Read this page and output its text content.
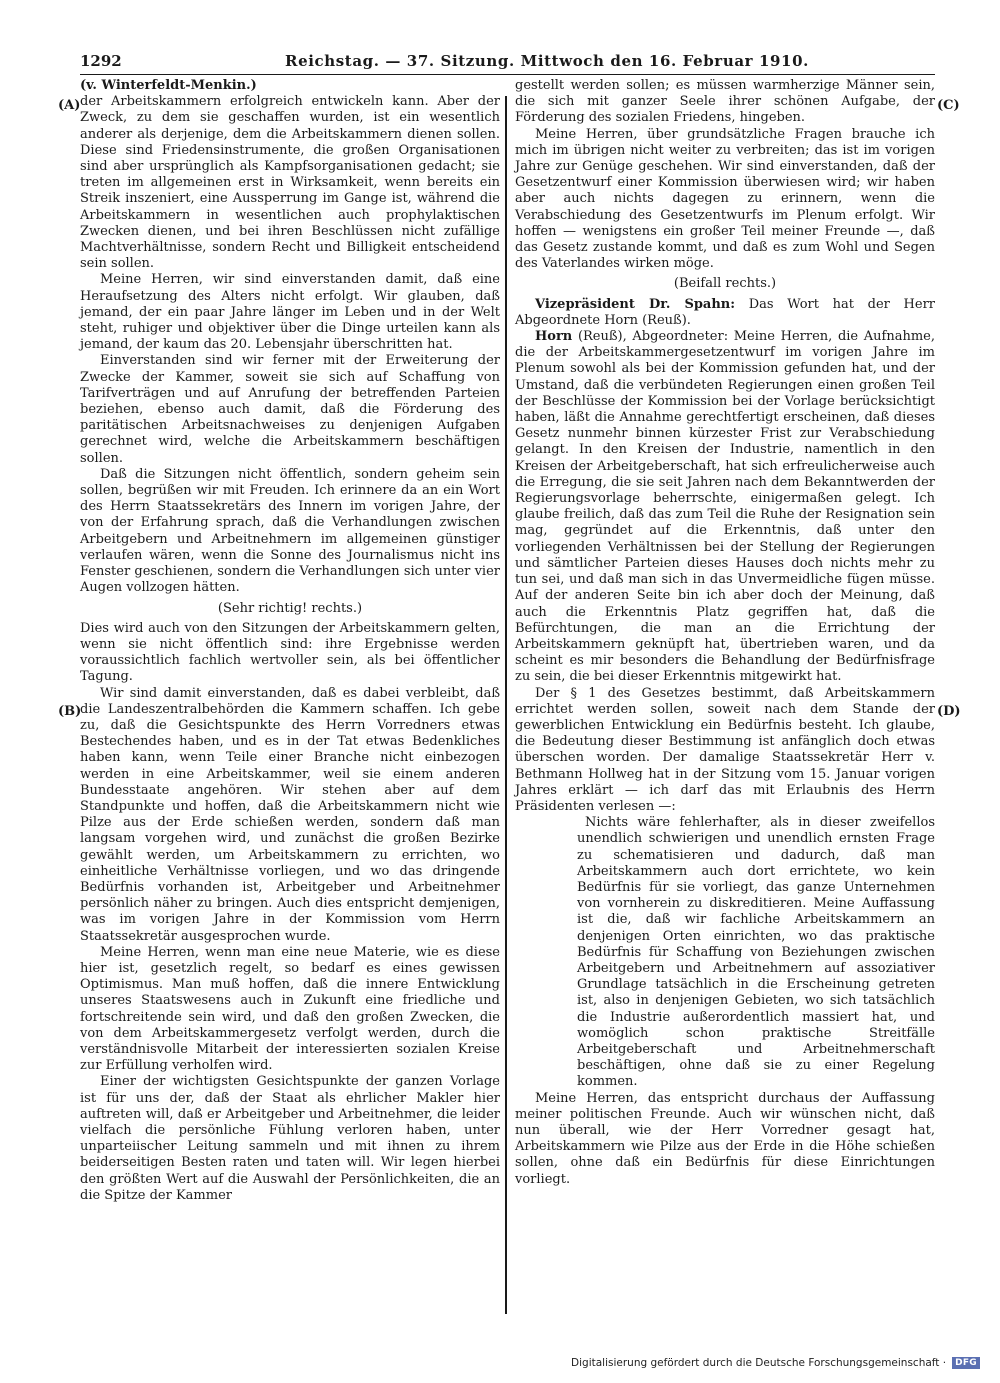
1292	Reichstag. — 37. Sitzung. Mittwoch den 16. Februar 1910.
(A)
(B)
(C)
(D)

(v. Winterfeldt-Menkin.)

der Arbeitskammern erfolgreich entwickeln kann. Aber der Zweck, zu dem sie geschaffen wurden, ist ein wesentlich anderer als derjenige, dem die Arbeitskammern dienen sollen. Diese sind Friedensinstrumente, die großen Organisationen sind aber ursprünglich als Kampfsorganisationen gedacht; sie treten im allgemeinen erst in Wirksamkeit, wenn bereits ein Streik inszeniert, eine Aussperrung im Gange ist, während die Arbeitskammern in wesentlichen auch prophylaktischen Zwecken dienen, und bei ihren Beschlüssen nicht zufällige Machtverhältnisse, sondern Recht und Billigkeit entscheidend sein sollen.

Meine Herren, wir sind einverstanden damit, daß eine Heraufsetzung des Alters nicht erfolgt. Wir glauben, daß jemand, der ein paar Jahre länger im Leben und in der Welt steht, ruhiger und objektiver über die Dinge urteilen kann als jemand, der kaum das 20. Lebensjahr überschritten hat.

Einverstanden sind wir ferner mit der Erweiterung der Zwecke der Kammer, soweit sie sich auf Schaffung von Tarifverträgen und auf Anrufung der betreffenden Parteien beziehen, ebenso auch damit, daß die Förderung des paritätischen Arbeitsnachweises zu denjenigen Aufgaben gerechnet wird, welche die Arbeitskammern beschäftigen sollen.

Daß die Sitzungen nicht öffentlich, sondern geheim sein sollen, begrüßen wir mit Freuden. Ich erinnere da an ein Wort des Herrn Staatssekretärs des Innern im vorigen Jahre, der von der Erfahrung sprach, daß die Verhandlungen zwischen Arbeitgebern und Arbeitnehmern im allgemeinen günstiger verlaufen wären, wenn die Sonne des Journalismus nicht ins Fenster geschienen, sondern die Verhandlungen sich unter vier Augen vollzogen hätten.

(Sehr richtig! rechts.)

Dies wird auch von den Sitzungen der Arbeitskammern gelten, wenn sie nicht öffentlich sind: ihre Ergebnisse werden voraussichtlich fachlich wertvoller sein, als bei öffentlicher Tagung.

Wir sind damit einverstanden, daß es dabei verbleibt, daß die Landeszentralbehörden die Kammern schaffen. Ich gebe zu, daß die Gesichtspunkte des Herrn Vorredners etwas Bestechendes haben, und es in der Tat etwas Bedenkliches haben kann, wenn Teile einer Branche nicht einbezogen werden in eine Arbeitskammer, weil sie einem anderen Bundesstaate angehören. Wir stehen aber auf dem Standpunkte und hoffen, daß die Arbeitskammern nicht wie Pilze aus der Erde schießen werden, sondern daß man langsam vorgehen wird, und zunächst die großen Bezirke gewählt werden, um Arbeitskammern zu errichten, wo einheitliche Verhältnisse vorliegen, und wo das dringende Bedürfnis vorhanden ist, Arbeitgeber und Arbeitnehmer persönlich näher zu bringen. Auch dies entspricht demjenigen, was im vorigen Jahre in der Kommission vom Herrn Staatssekretär ausgesprochen wurde.

Meine Herren, wenn man eine neue Materie, wie es diese hier ist, gesetzlich regelt, so bedarf es eines gewissen Optimismus. Man muß hoffen, daß die innere Entwicklung unseres Staatswesens auch in Zukunft eine friedliche und fortschreitende sein wird, und daß den großen Zwecken, die von dem Arbeitskammergesetz verfolgt werden, durch die verständnisvolle Mitarbeit der interessierten sozialen Kreise zur Erfüllung verholfen wird.

Einer der wichtigsten Gesichtspunkte der ganzen Vorlage ist für uns der, daß der Staat als ehrlicher Makler hier auftreten will, daß er Arbeitgeber und Arbeitnehmer, die leider vielfach die persönliche Fühlung verloren haben, unter unparteiischer Leitung sammeln und mit ihnen zu ihrem beiderseitigen Besten raten und taten will. Wir legen hierbei den größten Wert auf die Auswahl der Persönlichkeiten, die an die Spitze der Kammer

gestellt werden sollen; es müssen warmherzige Männer sein, die sich mit ganzer Seele ihrer schönen Aufgabe, der Förderung des sozialen Friedens, hingeben.

Meine Herren, über grundsätzliche Fragen brauche ich mich im übrigen nicht weiter zu verbreiten; das ist im vorigen Jahre zur Genüge geschehen. Wir sind einverstanden, daß der Gesetzentwurf einer Kommission überwiesen wird; wir haben aber auch nichts dagegen zu erinnern, wenn die Verabschiedung des Gesetzentwurfs im Plenum erfolgt. Wir hoffen — wenigstens ein großer Teil meiner Freunde —, daß das Gesetz zustande kommt, und daß es zum Wohl und Segen des Vaterlandes wirken möge.

(Beifall rechts.)

Vizepräsident Dr. Spahn: Das Wort hat der Herr Abgeordnete Horn (Reuß).

Horn (Reuß), Abgeordneter: Meine Herren, die Aufnahme, die der Arbeitskammergesetzentwurf im vorigen Jahre im Plenum sowohl als bei der Kommission gefunden hat, und der Umstand, daß die verbündeten Regierungen einen großen Teil der Beschlüsse der Kommission bei der Vorlage berücksichtigt haben, läßt die Annahme gerechtfertigt erscheinen, daß dieses Gesetz nunmehr binnen kürzester Frist zur Verabschiedung gelangt. In den Kreisen der Industrie, namentlich in den Kreisen der Arbeitgeberschaft, hat sich erfreulicherweise auch die Erregung, die sie seit Jahren nach dem Bekanntwerden der Regierungsvorlage beherrschte, einigermaßen gelegt. Ich glaube freilich, daß das zum Teil die Ruhe der Resignation sein mag, gegründet auf die Erkenntnis, daß unter den vorliegenden Verhältnissen bei der Stellung der Regierungen und sämtlicher Parteien dieses Hauses doch nichts mehr zu tun sei, und daß man sich in das Unvermeidliche fügen müsse. Auf der anderen Seite bin ich aber doch der Meinung, daß auch die Erkenntnis Platz gegriffen hat, daß die Befürchtungen, die man an die Errichtung der Arbeitskammern geknüpft hat, übertrieben waren, und da scheint es mir besonders die Behandlung der Bedürfnisfrage zu sein, die bei dieser Erkenntnis mitgewirkt hat.

Der § 1 des Gesetzes bestimmt, daß Arbeitskammern errichtet werden sollen, soweit nach dem Stande der gewerblichen Entwicklung ein Bedürfnis besteht. Ich glaube, die Bedeutung dieser Bestimmung ist anfänglich doch etwas überschen worden. Der damalige Staatssekretär Herr v. Bethmann Hollweg hat in der Sitzung vom 15. Januar vorigen Jahres erklärt — ich darf das mit Erlaubnis des Herrn Präsidenten verlesen —:

Nichts wäre fehlerhafter, als in dieser zweifellos unendlich schwierigen und unendlich ernsten Frage zu schematisieren und dadurch, daß man Arbeitskammern auch dort errichtete, wo kein Bedürfnis für sie vorliegt, das ganze Unternehmen von vornherein zu diskreditieren. Meine Auffassung ist die, daß wir fachliche Arbeitskammern an denjenigen Orten einrichten, wo das praktische Bedürfnis für Schaffung von Beziehungen zwischen Arbeitgebern und Arbeitnehmern auf assoziativer Grundlage tatsächlich in die Erscheinung getreten ist, also in denjenigen Gebieten, wo sich tatsächlich die Industrie außerordentlich massiert hat, und womöglich schon praktische Streitfälle Arbeitgeberschaft und Arbeitnehmerschaft beschäftigen, ohne daß sie zu einer Regelung kommen.

Meine Herren, das entspricht durchaus der Auffassung meiner politischen Freunde. Auch wir wünschen nicht, daß nun überall, wie der Herr Vorredner gesagt hat, Arbeitskammern wie Pilze aus der Erde in die Höhe schießen sollen, ohne daß ein Bedürfnis für diese Einrichtungen vorliegt.

Digitalisierung gefördert durch die Deutsche Forschungsgemeinschaft ·	DFG
